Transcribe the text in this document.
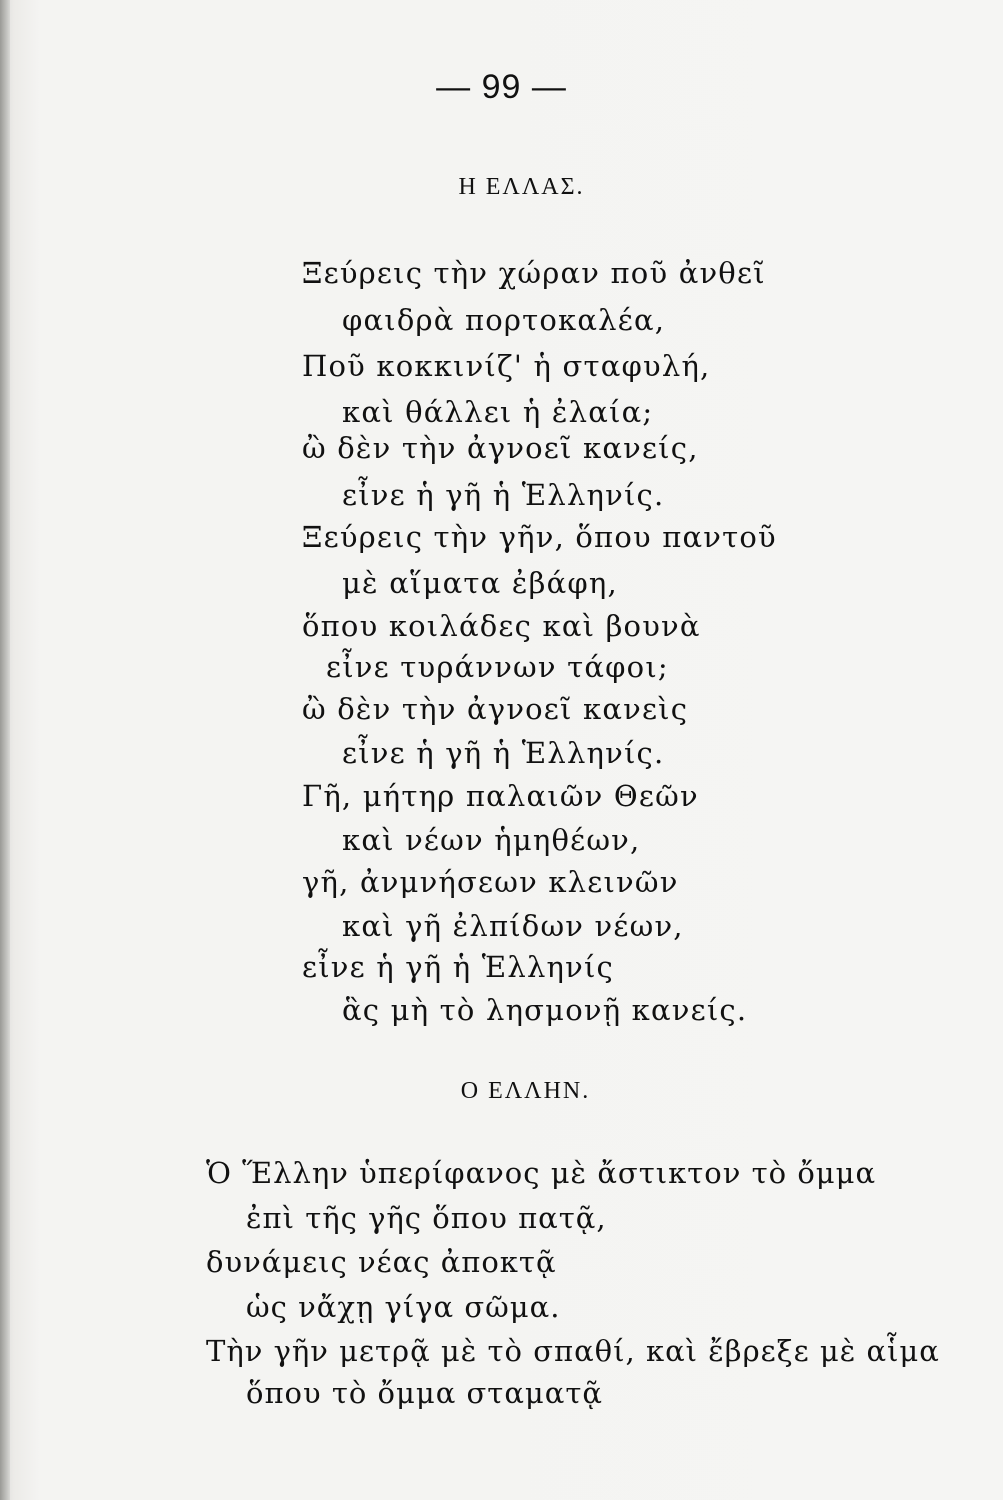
— 99 —
Η ΕΛΛΑΣ.
Ξεύρεις τὴν χώραν ποῦ ἀνθεῖ
φαιδρὰ πορτοκαλέα,
Ποῦ κοκκινίζ' ἡ σταφυλή,
καὶ θάλλει ἡ ἐλαία;
ὢ δὲν τὴν ἀγνοεῖ κανείς,
εἶνε ἡ γῆ ἡ Ἑλληνίς.
Ξεύρεις τὴν γῆν, ὅπου παντοῦ
μὲ αἵματα ἐβάφη,
ὅπου κοιλάδες καὶ βουνὰ
εἶνε τυράννων τάφοι;
ὢ δὲν τὴν ἀγνοεῖ κανεὶς
εἶνε ἡ γῆ ἡ Ἑλληνίς.
Γῆ, μήτηρ παλαιῶν Θεῶν
καὶ νέων ἡμηθέων,
γῆ, ἀνμνήσεων κλεινῶν
καὶ γῆ ἐλπίδων νέων,
εἶνε ἡ γῆ ἡ Ἑλληνίς
ἃς μὴ τὸ λησμονῇ κανείς.
Ο ΕΛΛΗΝ.
Ὁ Ἕλλην ὑπερίφανος μὲ ἄστικτον τὸ ὄμμα
ἐπὶ τῆς γῆς ὅπου πατᾷ,
δυνάμεις νέας ἀποκτᾷ
ὡς νἄχῃ γίγα σῶμα.
Τὴν γῆν μετρᾷ μὲ τὸ σπαθί, καὶ ἔβρεξε μὲ αἷμα
ὅπου τὸ ὄμμα σταματᾷ
